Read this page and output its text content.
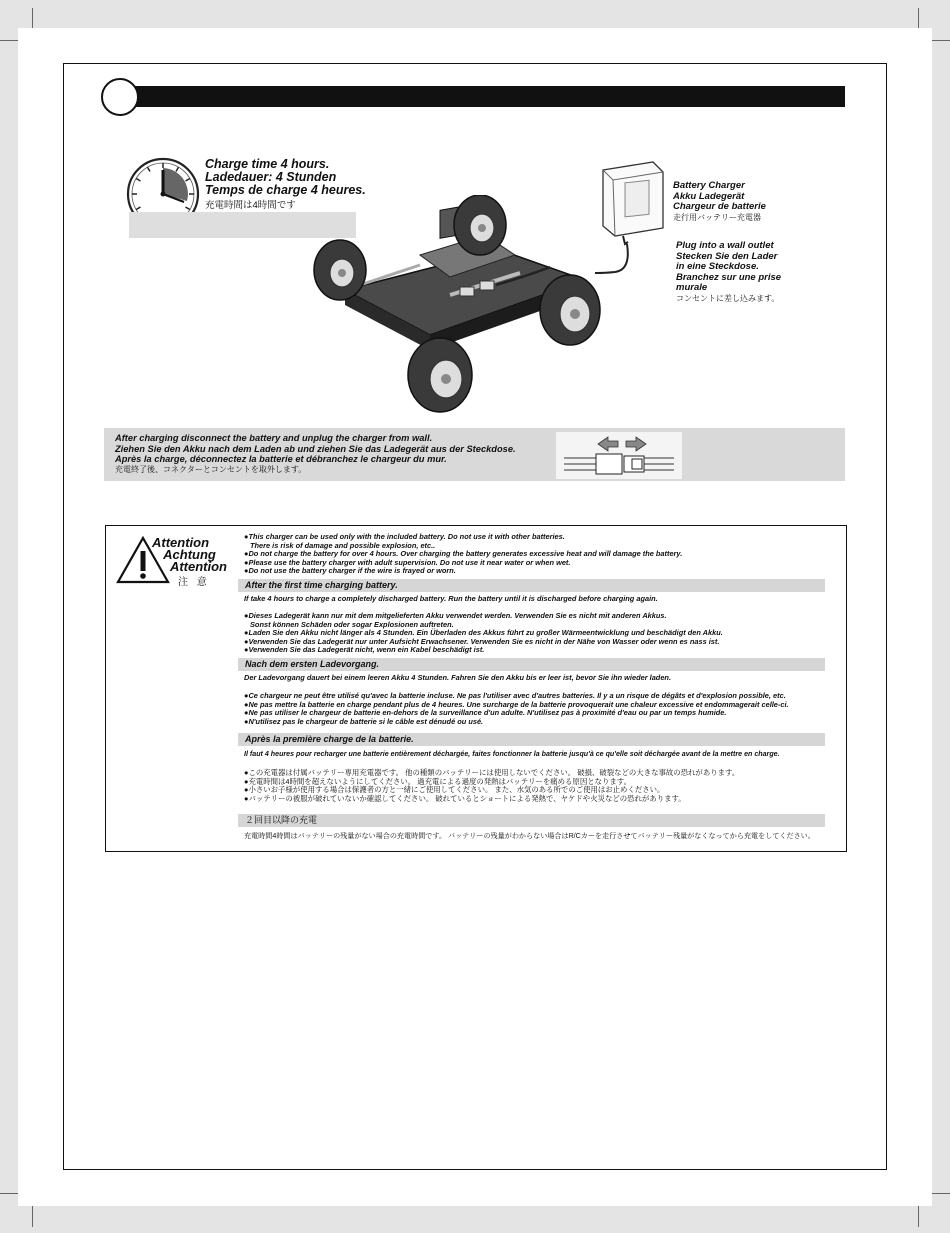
Charge time 4 hours.
Ladedauer: 4 Stunden
Temps de charge 4 heures.
充電時間は4時間です
Battery Charger
Akku Ladegerät
Chargeur de batterie
走行用バッテリー充電器
Plug into a wall outlet
Stecken Sie den Lader
in eine Steckdose.
Branchez sur une prise
murale
コンセントに差し込みます。
After charging disconnect the battery and unplug the charger from wall.
Ziehen Sie den Akku nach dem Laden ab und ziehen Sie das Ladegerät aus der Steckdose.
Après la charge, déconnectez la batterie et débranchez le chargeur du mur.
充電終了後、コネクターとコンセントを取外します。
Attention
Achtung
Attention
注 意
●This charger can be used only with the included battery. Do not use it with other batteries.
There is risk of damage and possible explosion, etc..
●Do not charge the battery for over 4 hours. Over charging the battery generates excessive heat and will damage the battery.
●Please use the battery charger with adult supervision. Do not use it near water or when wet.
●Do not use the battery charger if the wire is frayed or worn.
After the first time charging battery.
If take 4 hours to charge a completely discharged battery. Run the battery until it is discharged before charging again.
●Dieses Ladegerät kann nur mit dem mitgelieferten Akku verwendet werden. Verwenden Sie es nicht mit anderen Akkus.
Sonst können Schäden oder sogar Explosionen auftreten.
●Laden Sie den Akku nicht länger als 4 Stunden. Ein Überladen des Akkus führt zu großer Wärmeentwicklung und beschädigt den Akku.
●Verwenden Sie das Ladegerät nur unter Aufsicht Erwachsener. Verwenden Sie es nicht in der Nähe von Wasser oder wenn es nass ist.
●Verwenden Sie das Ladegerät nicht, wenn ein Kabel beschädigt ist.
Nach dem ersten Ladevorgang.
Der Ladevorgang dauert bei einem leeren Akku 4 Stunden. Fahren Sie den Akku bis er leer ist, bevor Sie ihn wieder laden.
●Ce chargeur ne peut être utilisé qu'avec la batterie incluse. Ne pas l'utiliser avec d'autres batteries. Il y a un risque de dégâts et d'explosion possible, etc.
●Ne pas mettre la batterie en charge pendant plus de 4 heures. Une surcharge de la batterie provoquerait une chaleur excessive et endommagerait celle-ci.
●Ne pas utiliser le chargeur de batterie en-dehors de la surveillance d'un adulte. N'utilisez pas à proximité d'eau ou par un temps humide.
●N'utilisez pas le chargeur de batterie si le câble est dénudé ou usé.
Après la première charge de la batterie.
Il faut 4 heures pour recharger une batterie entièrement déchargée, faites fonctionner la batterie jusqu'à ce qu'elle soit déchargée avant de la mettre en charge.
●この充電器は付属バッテリー専用充電器です。 他の種類のバッテリーには使用しないでください。 破損、破裂などの大きな事故の恐れがあります。
●充電時間は4時間を超えないようにしてください。 過充電による過度の発熱はバッテリーを痛める原因となります。
●小さいお子様が使用する場合は保護者の方と一緒にご使用してください。 また、水気のある所でのご使用はお止めください。
●バッテリーの被服が破れていないか確認してください。 破れているとショートによる発熱で、ヤケドや火災などの恐れがあります。
２回目以降の充電
充電時間4時間はバッテリーの残量がない場合の充電時間です。 バッテリーの残量がわからない場合はR/Cカーを走行させてバッテリー残量がなくなってから充電をしてください。
